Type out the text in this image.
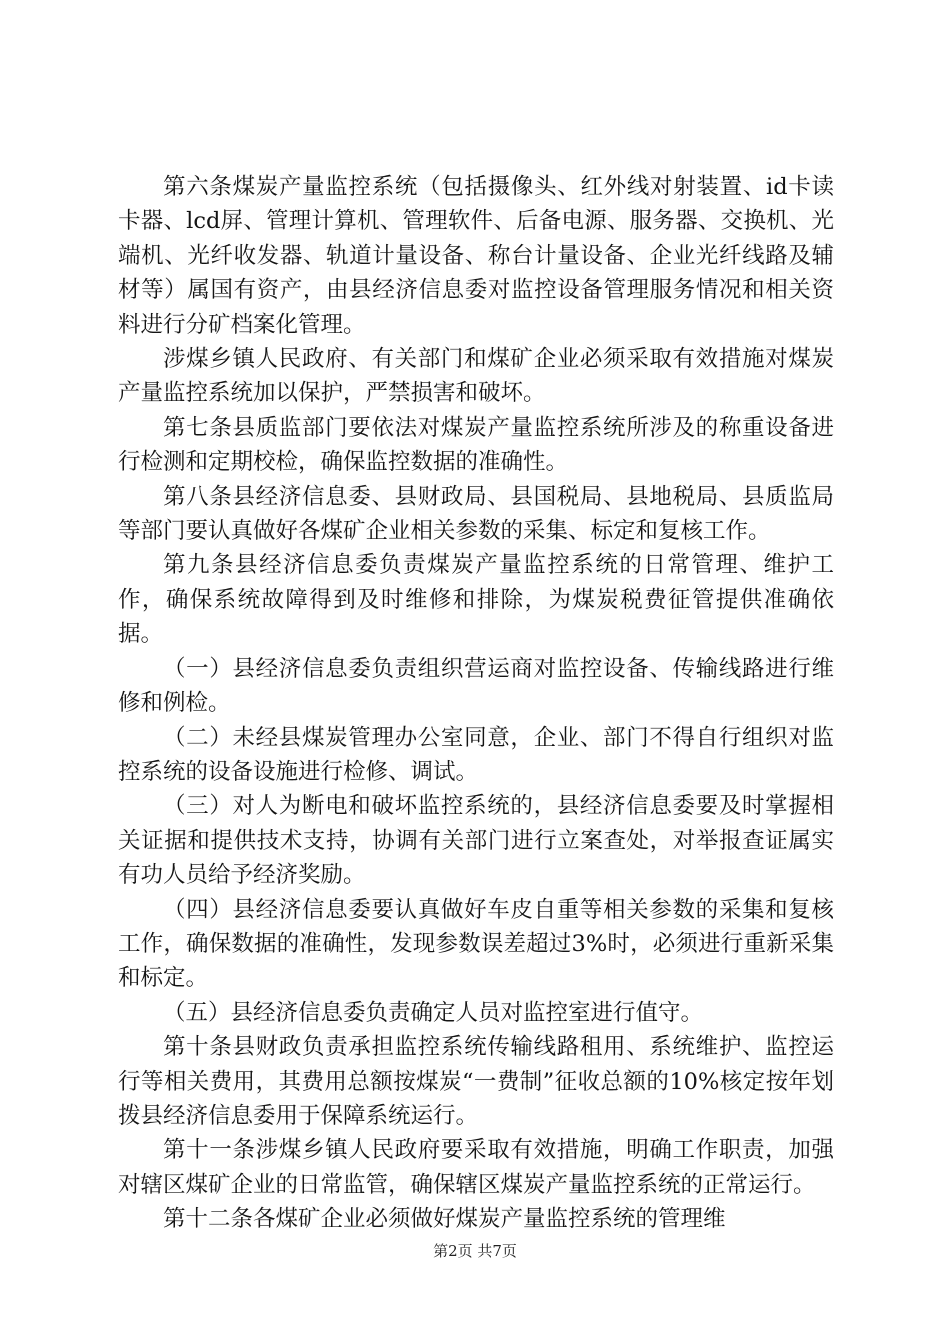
第六条煤炭产量监控系统（包括摄像头、红外线对射装置、id卡读卡器、lcd屏、管理计算机、管理软件、后备电源、服务器、交换机、光端机、光纤收发器、轨道计量设备、称台计量设备、企业光纤线路及辅材等）属国有资产，由县经济信息委对监控设备管理服务情况和相关资料进行分矿档案化管理。

涉煤乡镇人民政府、有关部门和煤矿企业必须采取有效措施对煤炭产量监控系统加以保护，严禁损害和破坏。

第七条县质监部门要依法对煤炭产量监控系统所涉及的称重设备进行检测和定期校检，确保监控数据的准确性。

第八条县经济信息委、县财政局、县国税局、县地税局、县质监局等部门要认真做好各煤矿企业相关参数的采集、标定和复核工作。

第九条县经济信息委负责煤炭产量监控系统的日常管理、维护工作，确保系统故障得到及时维修和排除，为煤炭税费征管提供准确依据。

（一）县经济信息委负责组织营运商对监控设备、传输线路进行维修和例检。

（二）未经县煤炭管理办公室同意，企业、部门不得自行组织对监控系统的设备设施进行检修、调试。

（三）对人为断电和破坏监控系统的，县经济信息委要及时掌握相关证据和提供技术支持，协调有关部门进行立案查处，对举报查证属实有功人员给予经济奖励。

（四）县经济信息委要认真做好车皮自重等相关参数的采集和复核工作，确保数据的准确性，发现参数误差超过3%时，必须进行重新采集和标定。

（五）县经济信息委负责确定人员对监控室进行值守。

第十条县财政负责承担监控系统传输线路租用、系统维护、监控运行等相关费用，其费用总额按煤炭“一费制”征收总额的10%核定按年划拨县经济信息委用于保障系统运行。

第十一条涉煤乡镇人民政府要采取有效措施，明确工作职责，加强对辖区煤矿企业的日常监管，确保辖区煤炭产量监控系统的正常运行。

第十二条各煤矿企业必须做好煤炭产量监控系统的管理维

第2页 共7页
